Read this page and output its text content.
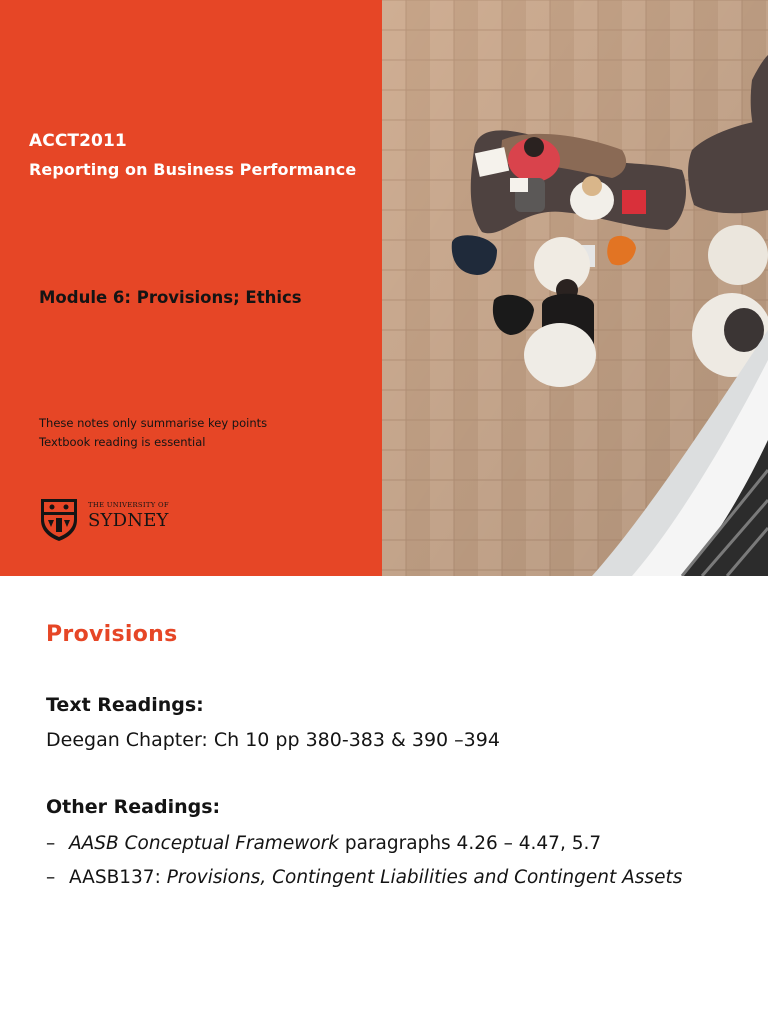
ACCT2011
Reporting on Business Performance
Module 6: Provisions; Ethics
These notes only summarise key points
Textbook reading is essential
THE UNIVERSITY OF
SYDNEY
Provisions
Text Readings:
Deegan Chapter: Ch 10 pp 380-383 & 390 –394
Other Readings:
– AASB Conceptual Framework paragraphs 4.26 – 4.47, 5.7
– AASB137: Provisions, Contingent Liabilities and Contingent Assets
